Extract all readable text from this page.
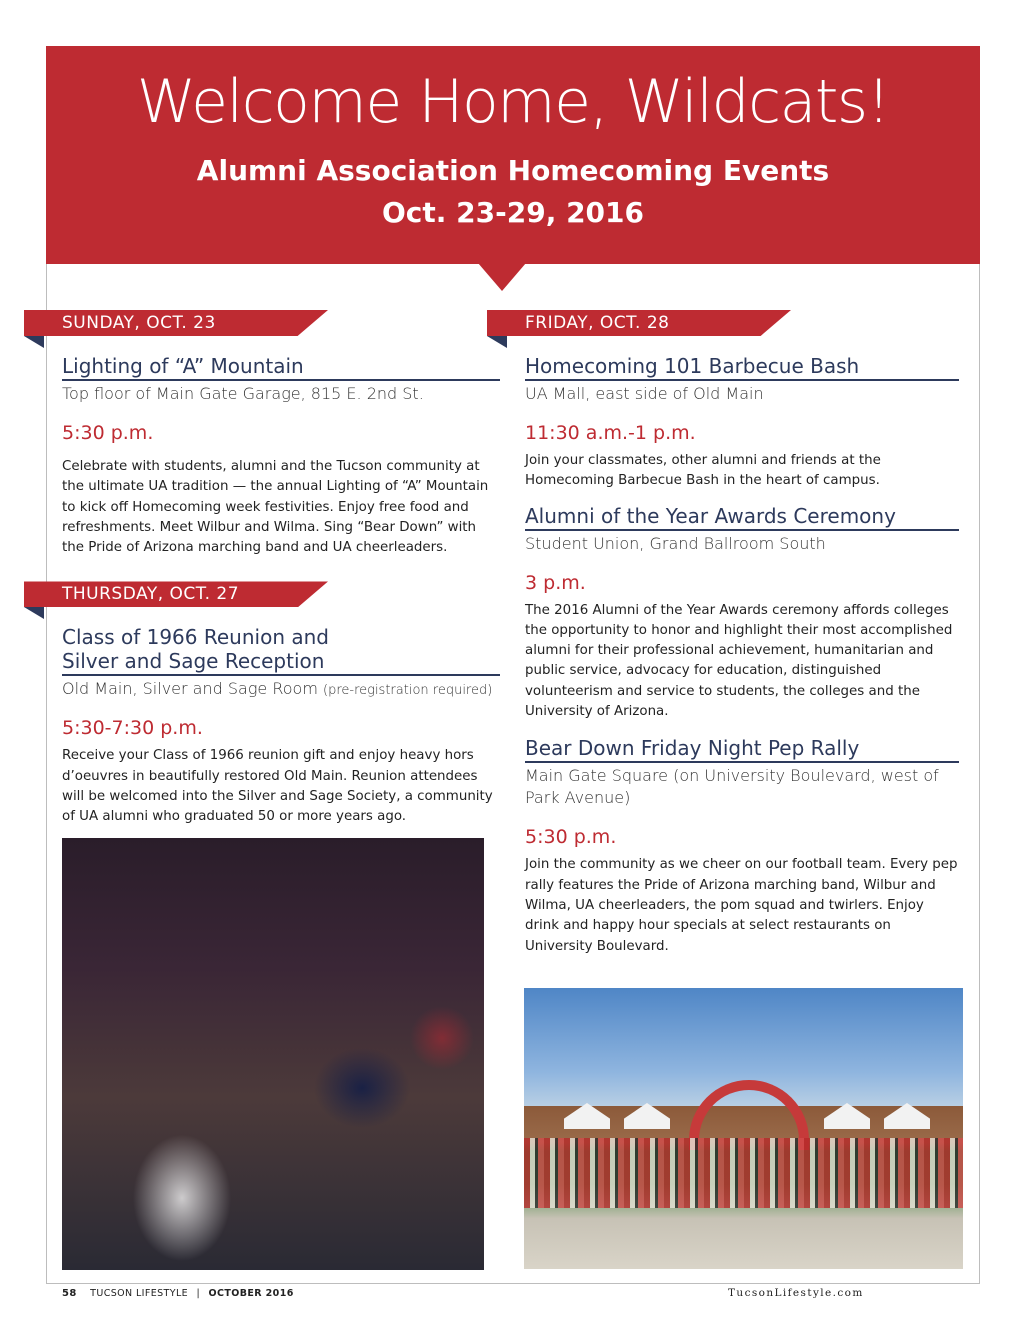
Welcome Home, Wildcats!
Alumni Association Homecoming Events
Oct. 23-29, 2016
SUNDAY, OCT. 23
Lighting of “A” Mountain
Top floor of Main Gate Garage, 815 E. 2nd St.
5:30 p.m.
Celebrate with students, alumni and the Tucson community at the ultimate UA tradition — the annual Lighting of “A” Mountain to kick off Homecoming week festivities. Enjoy free food and refreshments. Meet Wilbur and Wilma. Sing “Bear Down” with the Pride of Arizona marching band and UA cheerleaders.
THURSDAY, OCT. 27
Class of 1966 Reunion and
Silver and Sage Reception
Old Main, Silver and Sage Room (pre-registration required)
5:30-7:30 p.m.
Receive your Class of 1966 reunion gift and enjoy heavy hors d’oeuvres in beautifully restored Old Main. Reunion attendees will be welcomed into the Silver and Sage Society, a community of UA alumni who graduated 50 or more years ago.
FRIDAY, OCT. 28
Homecoming 101 Barbecue Bash
UA Mall, east side of Old Main
11:30 a.m.-1 p.m.
Join your classmates, other alumni and friends at the Homecoming Barbecue Bash in the heart of campus.
Alumni of the Year Awards Ceremony
Student Union, Grand Ballroom South
3 p.m.
The 2016 Alumni of the Year Awards ceremony affords colleges the opportunity to honor and highlight their most accomplished alumni for their professional achievement, humanitarian and public service, advocacy for education, distinguished volunteerism and service to students, the colleges and the University of Arizona.
Bear Down Friday Night Pep Rally
Main Gate Square (on University Boulevard, west of Park Avenue)
5:30 p.m.
Join the community as we cheer on our football team. Every pep rally features the Pride of Arizona marching band, Wilbur and Wilma, UA cheerleaders, the pom squad and twirlers. Enjoy drink and happy hour specials at select restaurants on University Boulevard.
58 TUCSON LIFESTYLE | OCTOBER 2016	TucsonLifestyle.com
